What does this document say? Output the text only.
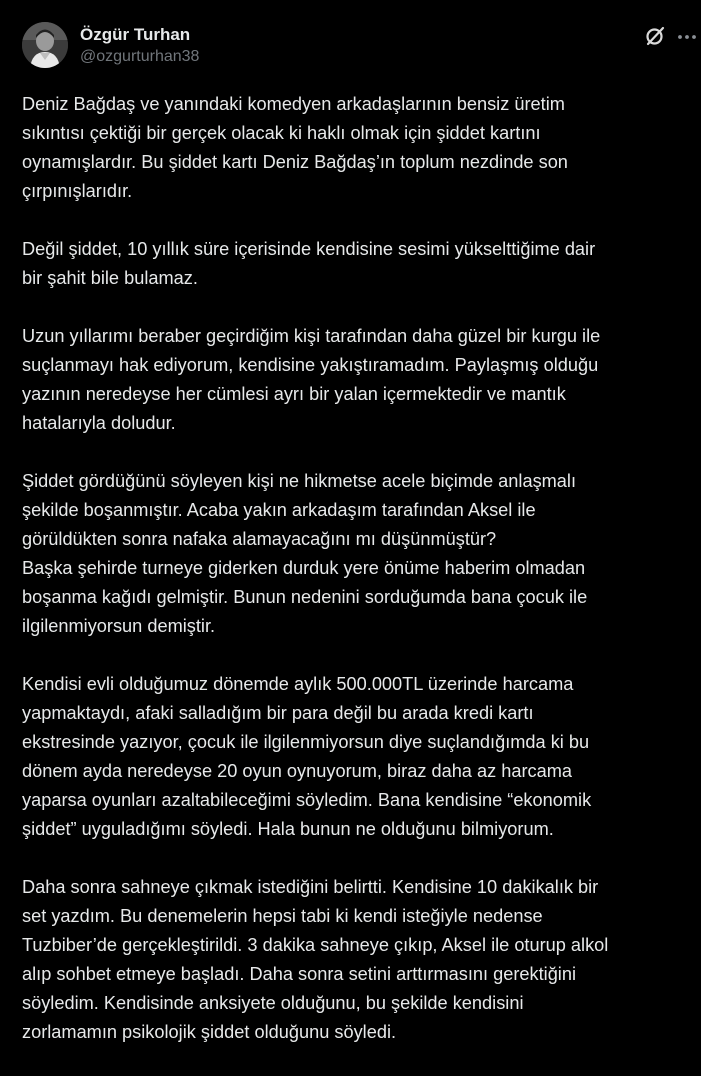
Özgür Turhan
@ozgurturhan38

Deniz Bağdaş ve yanındaki komedyen arkadaşlarının bensiz üretim
sıkıntısı çektiği bir gerçek olacak ki haklı olmak için şiddet kartını
oynamışlardır. Bu şiddet kartı Deniz Bağdaş’ın toplum nezdinde son
çırpınışlarıdır.

Değil şiddet, 10 yıllık süre içerisinde kendisine sesimi yükselttiğime dair
bir şahit bile bulamaz.

Uzun yıllarımı beraber geçirdiğim kişi tarafından daha güzel bir kurgu ile
suçlanmayı hak ediyorum, kendisine yakıştıramadım. Paylaşmış olduğu
yazının neredeyse her cümlesi ayrı bir yalan içermektedir ve mantık
hatalarıyla doludur.

Şiddet gördüğünü söyleyen kişi ne hikmetse acele biçimde anlaşmalı
şekilde boşanmıştır. Acaba yakın arkadaşım tarafından Aksel ile
görüldükten sonra nafaka alamayacağını mı düşünmüştür?
Başka şehirde turneye giderken durduk yere önüme haberim olmadan
boşanma kağıdı gelmiştir. Bunun nedenini sorduğumda bana çocuk ile
ilgilenmiyorsun demiştir.

Kendisi evli olduğumuz dönemde aylık 500.000TL üzerinde harcama
yapmaktaydı, afaki salladığım bir para değil bu arada kredi kartı
ekstresinde yazıyor, çocuk ile ilgilenmiyorsun diye suçlandığımda ki bu
dönem ayda neredeyse 20 oyun oynuyorum, biraz daha az harcama
yaparsa oyunları azaltabileceğimi söyledim. Bana kendisine “ekonomik
şiddet” uyguladığımı söyledi. Hala bunun ne olduğunu bilmiyorum.

Daha sonra sahneye çıkmak istediğini belirtti. Kendisine 10 dakikalık bir
set yazdım. Bu denemelerin hepsi tabi ki kendi isteğiyle nedense
Tuzbiber’de gerçekleştirildi. 3 dakika sahneye çıkıp, Aksel ile oturup alkol
alıp sohbet etmeye başladı. Daha sonra setini arttırmasını gerektiğini
söyledim. Kendisinde anksiyete olduğunu, bu şekilde kendisini
zorlamamın psikolojik şiddet olduğunu söyledi.
